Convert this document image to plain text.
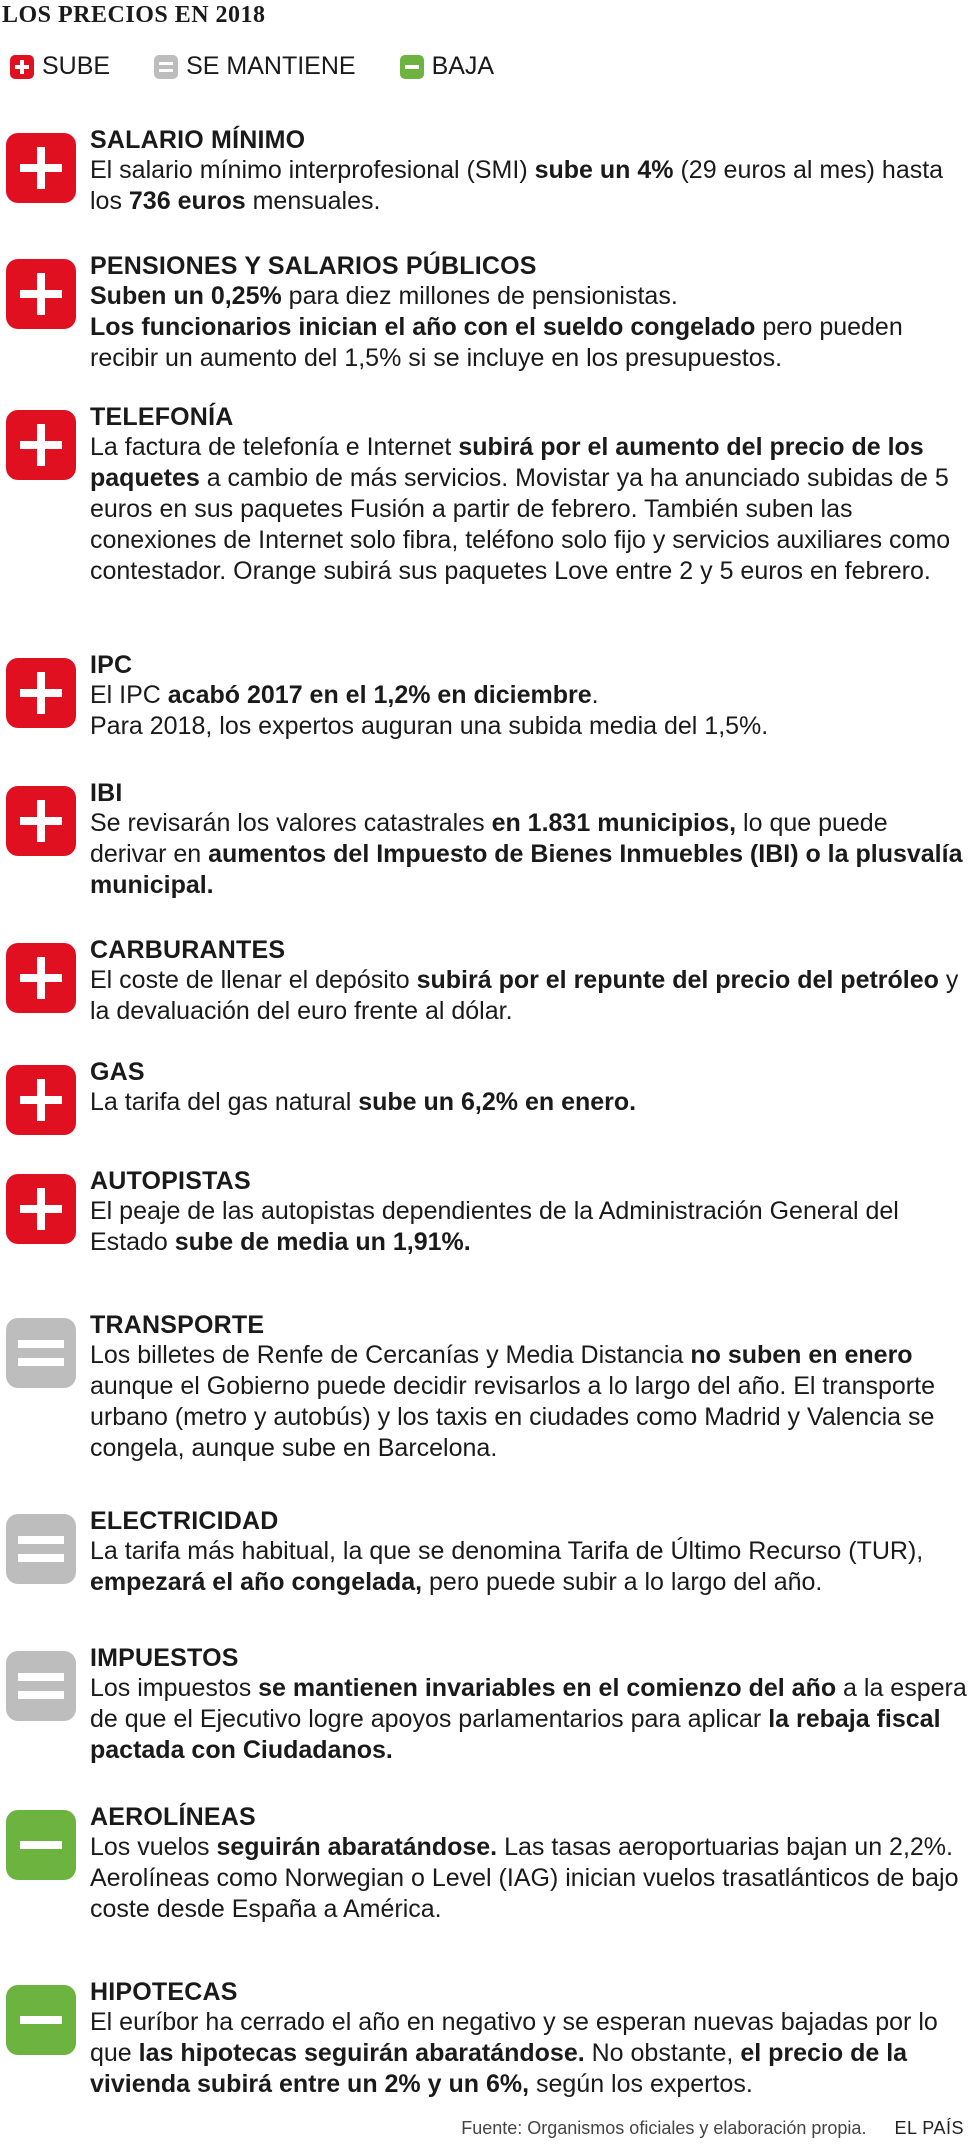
LOS PRECIOS EN 2018
SUBE	SE MANTIENE	BAJA
SALARIO MÍNIMO
El salario mínimo interprofesional (SMI) sube un 4% (29 euros al mes) hasta los 736 euros mensuales.
PENSIONES Y SALARIOS PÚBLICOS
Suben un 0,25% para diez millones de pensionistas.
Los funcionarios inician el año con el sueldo congelado pero pueden recibir un aumento del 1,5% si se incluye en los presupuestos.
TELEFONÍA
La factura de telefonía e Internet subirá por el aumento del precio de los paquetes a cambio de más servicios. Movistar ya ha anunciado subidas de 5 euros en sus paquetes Fusión a partir de febrero. También suben las conexiones de Internet solo fibra, teléfono solo fijo y servicios auxiliares como contestador. Orange subirá sus paquetes Love entre 2 y 5 euros en febrero.
IPC
El IPC acabó 2017 en el 1,2% en diciembre.
Para 2018, los expertos auguran una subida media del 1,5%.
IBI
Se revisarán los valores catastrales en 1.831 municipios, lo que puede derivar en aumentos del Impuesto de Bienes Inmuebles (IBI) o la plusvalía municipal.
CARBURANTES
El coste de llenar el depósito subirá por el repunte del precio del petróleo y la devaluación del euro frente al dólar.
GAS
La tarifa del gas natural sube un 6,2% en enero.
AUTOPISTAS
El peaje de las autopistas dependientes de la Administración General del Estado sube de media un 1,91%.
TRANSPORTE
Los billetes de Renfe de Cercanías y Media Distancia no suben en enero aunque el Gobierno puede decidir revisarlos a lo largo del año. El transporte urbano (metro y autobús) y los taxis en ciudades como Madrid y Valencia se congela, aunque sube en Barcelona.
ELECTRICIDAD
La tarifa más habitual, la que se denomina Tarifa de Último Recurso (TUR), empezará el año congelada, pero puede subir a lo largo del año.
IMPUESTOS
Los impuestos se mantienen invariables en el comienzo del año a la espera de que el Ejecutivo logre apoyos parlamentarios para aplicar la rebaja fiscal pactada con Ciudadanos.
AEROLÍNEAS
Los vuelos seguirán abaratándose. Las tasas aeroportuarias bajan un 2,2%. Aerolíneas como Norwegian o Level (IAG) inician vuelos trasatlánticos de bajo coste desde España a América.
HIPOTECAS
El euríbor ha cerrado el año en negativo y se esperan nuevas bajadas por lo que las hipotecas seguirán abaratándose. No obstante, el precio de la vivienda subirá entre un 2% y un 6%, según los expertos.
Fuente: Organismos oficiales y elaboración propia. EL PAÍS
